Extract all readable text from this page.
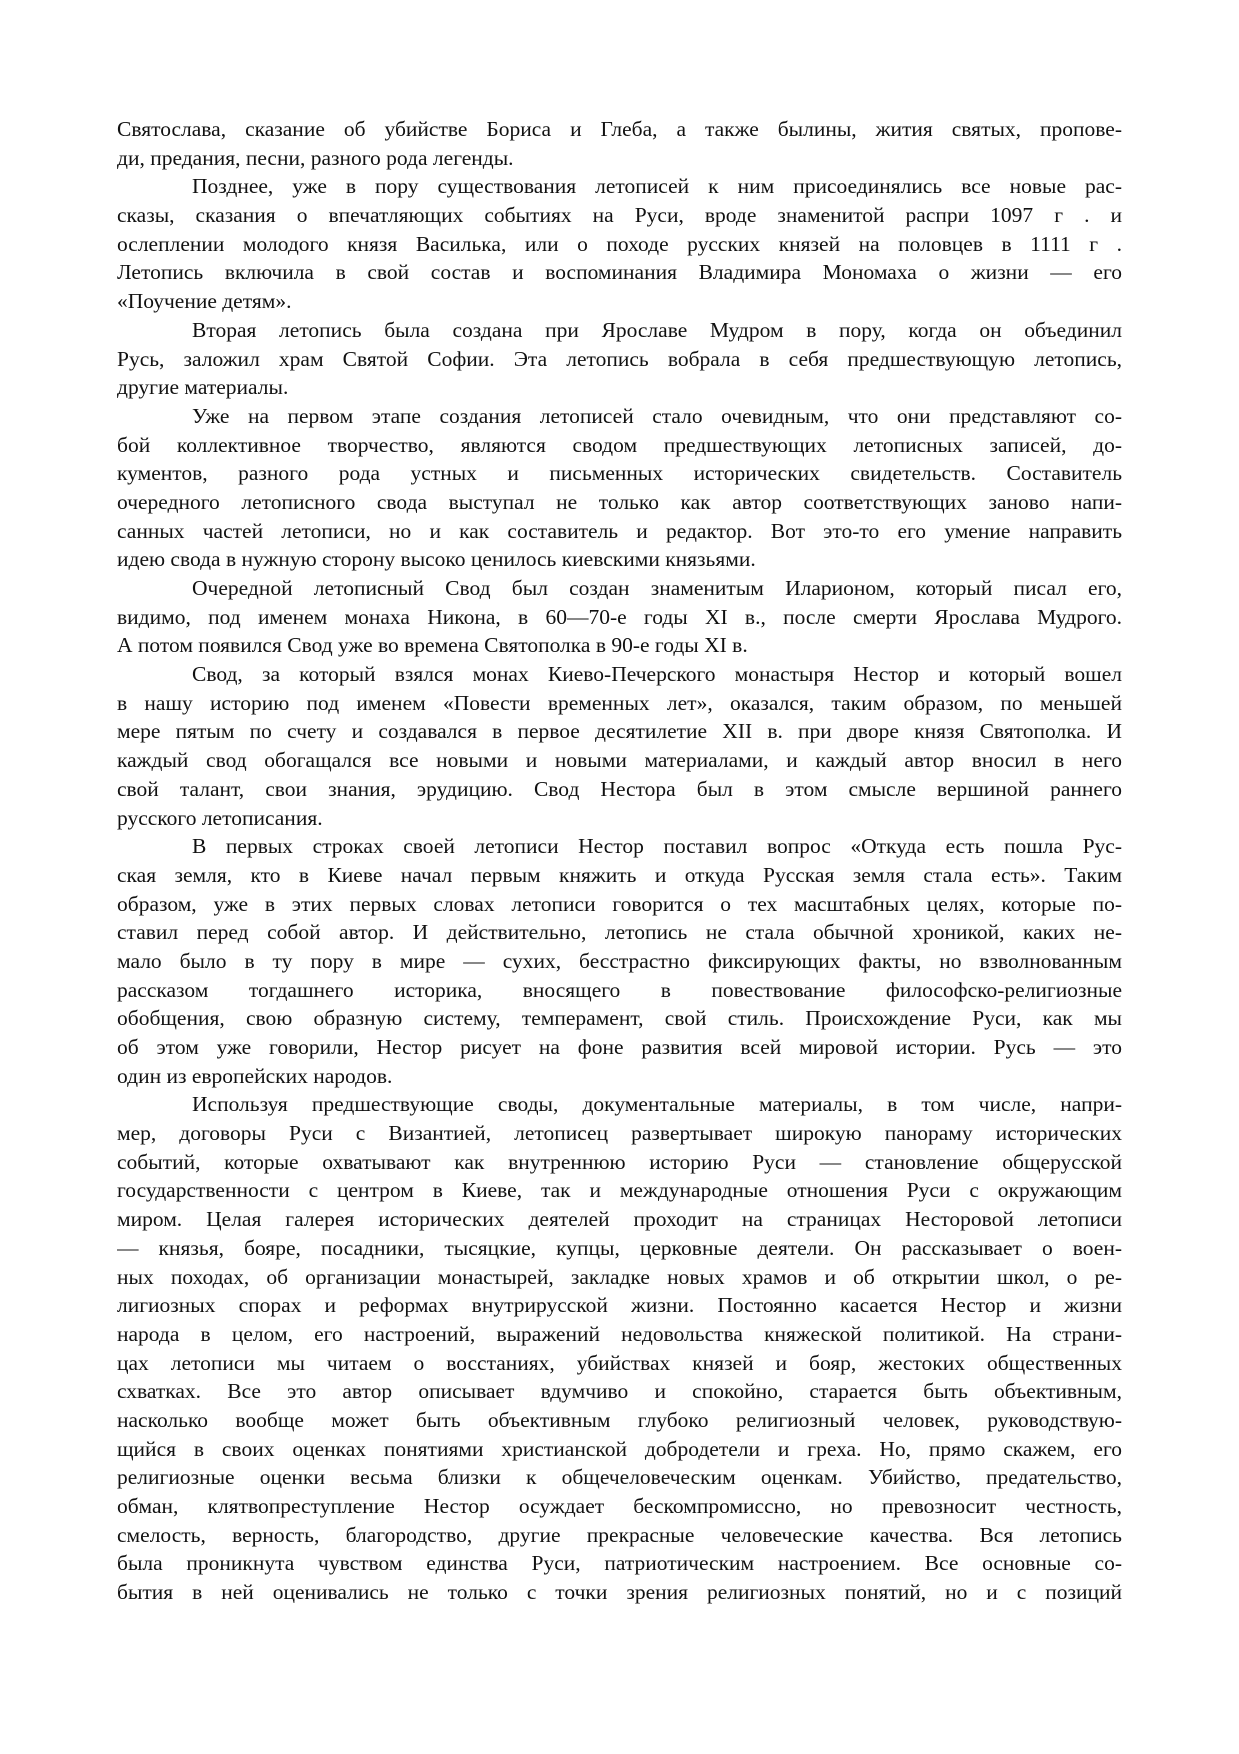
Святослава, сказание об убийстве Бориса и Глеба, а также былины, жития святых, пропове-
ди, предания, песни, разного рода легенды.
Позднее, уже в пору существования летописей к ним присоединялись все новые рас-
сказы, сказания о впечатляющих событиях на Руси, вроде знаменитой распри 1097 г . и
ослеплении молодого князя Василька, или о походе русских князей на половцев в 1111 г .
Летопись включила в свой состав и воспоминания Владимира Мономаха о жизни — его
«Поучение детям».
Вторая летопись была создана при Ярославе Мудром в пору, когда он объединил
Русь, заложил храм Святой Софии. Эта летопись вобрала в себя предшествующую летопись,
другие материалы.
Уже на первом этапе создания летописей стало очевидным, что они представляют со-
бой коллективное творчество, являются сводом предшествующих летописных записей, до-
кументов, разного рода устных и письменных исторических свидетельств. Составитель
очередного летописного свода выступал не только как автор соответствующих заново напи-
санных частей летописи, но и как составитель и редактор. Вот это-то его умение направить
идею свода в нужную сторону высоко ценилось киевскими князьями.
Очередной летописный Свод был создан знаменитым Иларионом, который писал его,
видимо, под именем монаха Никона, в 60—70-е годы XI в., после смерти Ярослава Мудрого.
А потом появился Свод уже во времена Святополка в 90-е годы XI в.
Свод, за который взялся монах Киево-Печерского монастыря Нестор и который вошел
в нашу историю под именем «Повести временных лет», оказался, таким образом, по меньшей
мере пятым по счету и создавался в первое десятилетие XII в. при дворе князя Святополка. И
каждый свод обогащался все новыми и новыми материалами, и каждый автор вносил в него
свой талант, свои знания, эрудицию. Свод Нестора был в этом смысле вершиной раннего
русского летописания.
В первых строках своей летописи Нестор поставил вопрос «Откуда есть пошла Рус-
ская земля, кто в Киеве начал первым княжить и откуда Русская земля стала есть». Таким
образом, уже в этих первых словах летописи говорится о тех масштабных целях, которые по-
ставил перед собой автор. И действительно, летопись не стала обычной хроникой, каких не-
мало было в ту пору в мире — сухих, бесстрастно фиксирующих факты, но взволнованным
рассказом тогдашнего историка, вносящего в повествование философско-религиозные
обобщения, свою образную систему, темперамент, свой стиль. Происхождение Руси, как мы
об этом уже говорили, Нестор рисует на фоне развития всей мировой истории. Русь — это
один из европейских народов.
Используя предшествующие своды, документальные материалы, в том числе, напри-
мер, договоры Руси с Византией, летописец развертывает широкую панораму исторических
событий, которые охватывают как внутреннюю историю Руси — становление общерусской
государственности с центром в Киеве, так и международные отношения Руси с окружающим
миром. Целая галерея исторических деятелей проходит на страницах Несторовой летописи
— князья, бояре, посадники, тысяцкие, купцы, церковные деятели. Он рассказывает о воен-
ных походах, об организации монастырей, закладке новых храмов и об открытии школ, о ре-
лигиозных спорах и реформах внутрирусской жизни. Постоянно касается Нестор и жизни
народа в целом, его настроений, выражений недовольства княжеской политикой. На страни-
цах летописи мы читаем о восстаниях, убийствах князей и бояр, жестоких общественных
схватках. Все это автор описывает вдумчиво и спокойно, старается быть объективным,
насколько вообще может быть объективным глубоко религиозный человек, руководствую-
щийся в своих оценках понятиями христианской добродетели и греха. Но, прямо скажем, его
религиозные оценки весьма близки к общечеловеческим оценкам. Убийство, предательство,
обман, клятвопреступление Нестор осуждает бескомпромиссно, но превозносит честность,
смелость, верность, благородство, другие прекрасные человеческие качества. Вся летопись
была проникнута чувством единства Руси, патриотическим настроением. Все основные со-
бытия в ней оценивались не только с точки зрения религиозных понятий, но и с позиций
